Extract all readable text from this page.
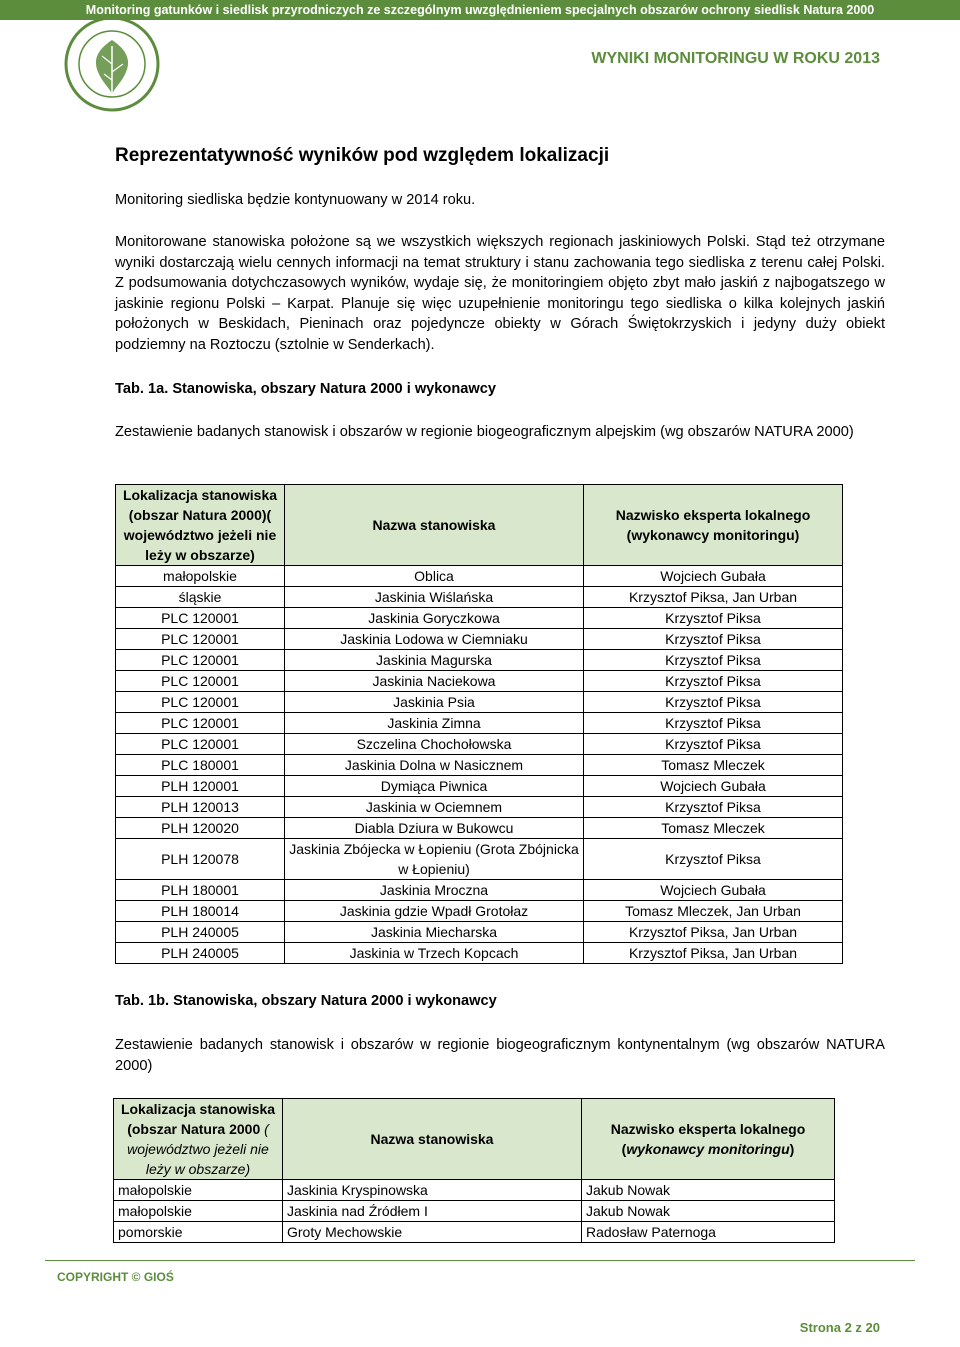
Monitoring gatunków i siedlisk przyrodniczych ze szczególnym uwzględnieniem specjalnych obszarów ochrony siedlisk Natura 2000
WYNIKI MONITORINGU W ROKU 2013
Reprezentatywność wyników pod względem lokalizacji
Monitoring siedliska będzie kontynuowany w 2014 roku.
Monitorowane stanowiska położone są we wszystkich większych regionach jaskiniowych Polski. Stąd też otrzymane wyniki dostarczają wielu cennych informacji na temat struktury i stanu zachowania tego siedliska z terenu całej Polski. Z podsumowania dotychczasowych wyników, wydaje się, że monitoringiem objęto zbyt mało jaskiń z najbogatszego w jaskinie regionu Polski – Karpat. Planuje się więc uzupełnienie monitoringu tego siedliska o kilka kolejnych jaskiń położonych w Beskidach, Pieninach oraz pojedyncze obiekty w Górach Świętokrzyskich i jedyny duży obiekt podziemny na Roztoczu (sztolnie w Senderkach).
Tab. 1a. Stanowiska, obszary Natura 2000 i wykonawcy
Zestawienie badanych stanowisk i obszarów w regionie biogeograficznym alpejskim (wg obszarów NATURA 2000)
Lokalizacja stanowiska (obszar Natura 2000)( województwo jeżeli nie leży w obszarze)	Nazwa stanowiska	Nazwisko eksperta lokalnego (wykonawcy monitoringu)
małopolskie	Oblica	Wojciech Gubała
śląskie	Jaskinia Wiślańska	Krzysztof Piksa, Jan Urban
PLC 120001	Jaskinia Goryczkowa	Krzysztof Piksa
PLC 120001	Jaskinia Lodowa w Ciemniaku	Krzysztof Piksa
PLC 120001	Jaskinia Magurska	Krzysztof Piksa
PLC 120001	Jaskinia Naciekowa	Krzysztof Piksa
PLC 120001	Jaskinia Psia	Krzysztof Piksa
PLC 120001	Jaskinia Zimna	Krzysztof Piksa
PLC 120001	Szczelina Chochołowska	Krzysztof Piksa
PLC 180001	Jaskinia Dolna w Nasicznem	Tomasz Mleczek
PLH 120001	Dymiąca Piwnica	Wojciech Gubała
PLH 120013	Jaskinia w Ociemnem	Krzysztof Piksa
PLH 120020	Diabla Dziura w Bukowcu	Tomasz Mleczek
PLH 120078	Jaskinia Zbójecka w Łopieniu (Grota Zbójnicka w Łopieniu)	Krzysztof Piksa
PLH 180001	Jaskinia Mroczna	Wojciech Gubała
PLH 180014	Jaskinia gdzie Wpadł Grotołaz	Tomasz Mleczek, Jan Urban
PLH 240005	Jaskinia Miecharska	Krzysztof Piksa, Jan Urban
PLH 240005	Jaskinia w Trzech Kopcach	Krzysztof Piksa, Jan Urban
Tab. 1b. Stanowiska, obszary Natura 2000 i wykonawcy
Zestawienie badanych stanowisk i obszarów w regionie biogeograficznym kontynentalnym (wg obszarów NATURA 2000)
Lokalizacja stanowiska (obszar Natura 2000 ( województwo jeżeli nie leży w obszarze)	Nazwa stanowiska	Nazwisko eksperta lokalnego (wykonawcy monitoringu)
małopolskie	Jaskinia Kryspinowska	Jakub Nowak
małopolskie	Jaskinia nad Źródłem I	Jakub Nowak
pomorskie	Groty Mechowskie	Radosław Paternoga
COPYRIGHT © GIOŚ
Strona 2 z 20
